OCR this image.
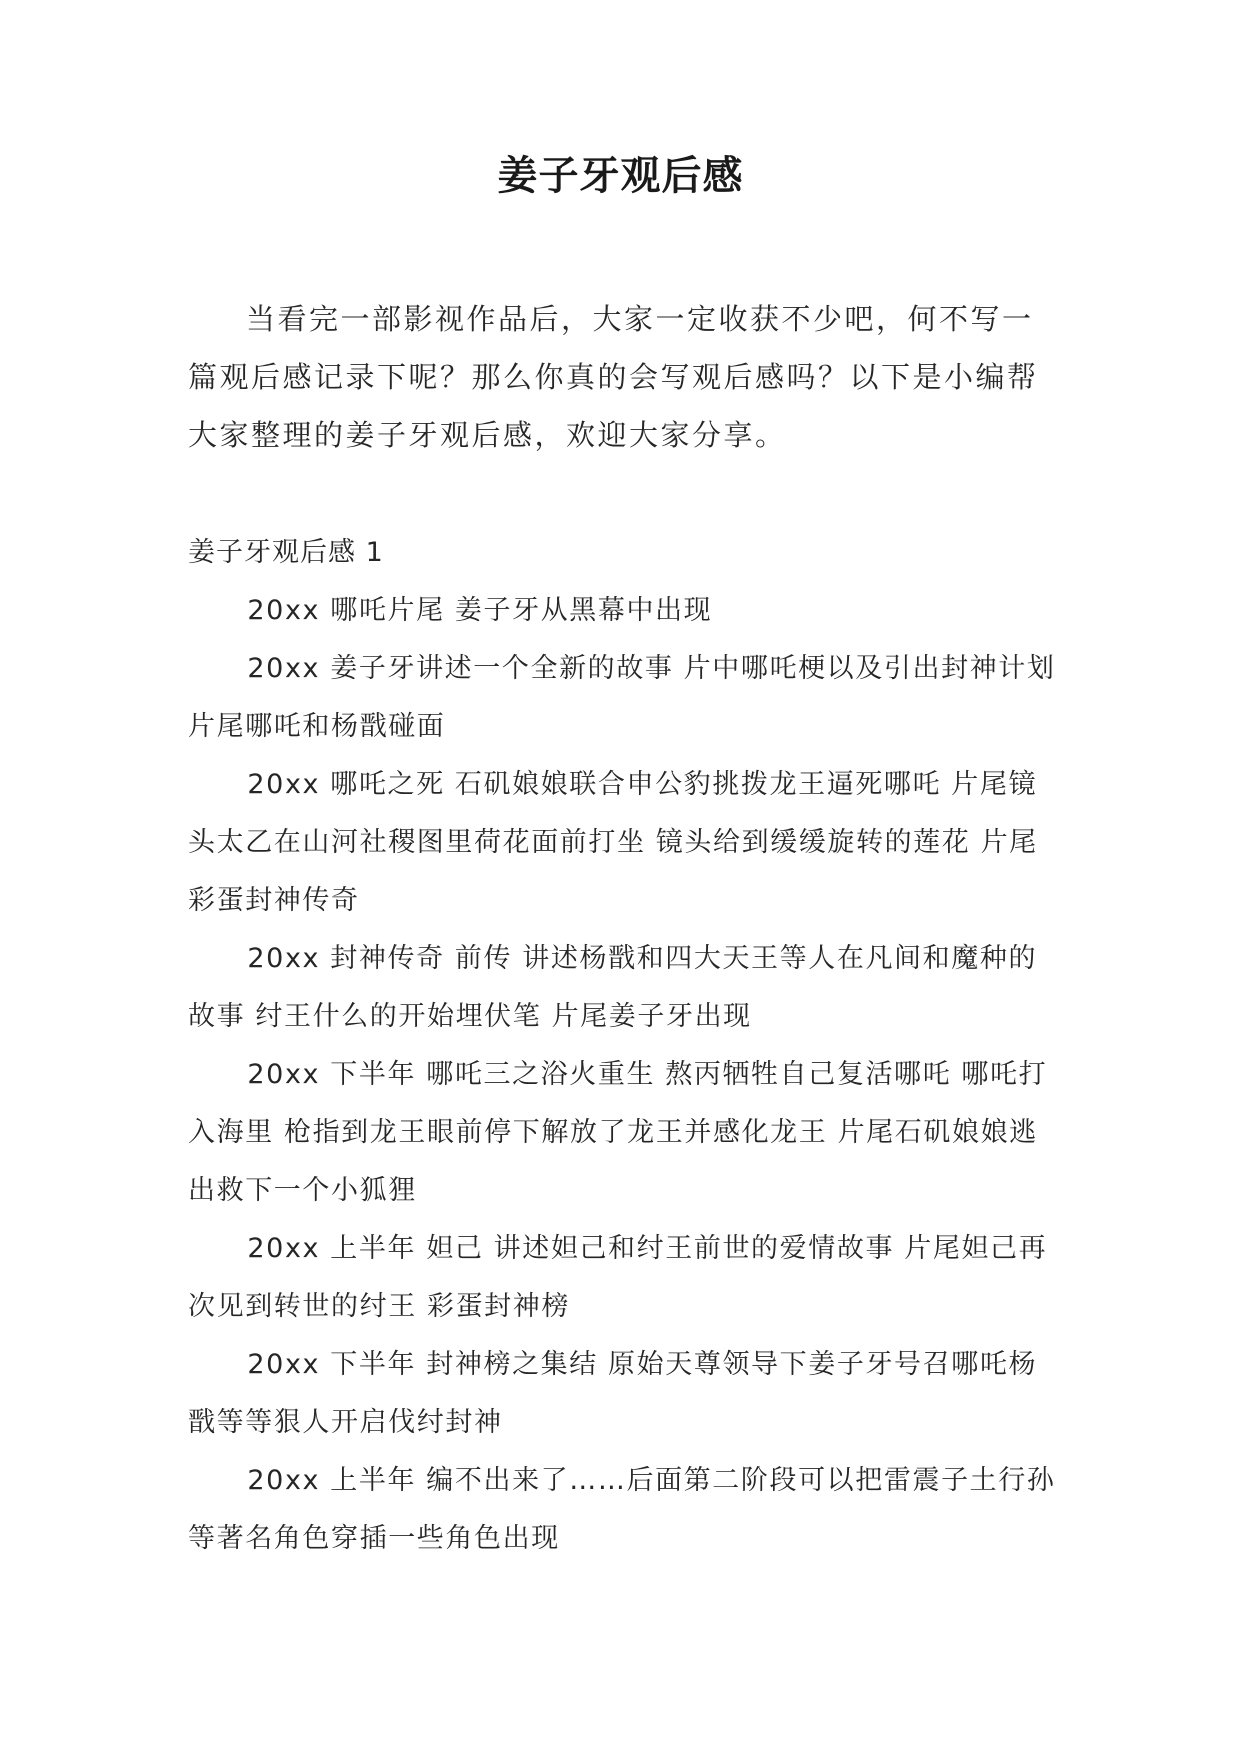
姜子牙观后感

当看完一部影视作品后，大家一定收获不少吧，何不写一篇观后感记录下呢？那么你真的会写观后感吗？以下是小编帮大家整理的姜子牙观后感，欢迎大家分享。

姜子牙观后感 1

20xx 哪吒片尾 姜子牙从黑幕中出现

20xx 姜子牙讲述一个全新的故事 片中哪吒梗以及引出封神计划 片尾哪吒和杨戬碰面

20xx 哪吒之死 石矶娘娘联合申公豹挑拨龙王逼死哪吒 片尾镜头太乙在山河社稷图里荷花面前打坐 镜头给到缓缓旋转的莲花 片尾彩蛋封神传奇

20xx 封神传奇 前传 讲述杨戬和四大天王等人在凡间和魔种的故事 纣王什么的开始埋伏笔 片尾姜子牙出现

20xx 下半年 哪吒三之浴火重生 熬丙牺牲自己复活哪吒 哪吒打入海里 枪指到龙王眼前停下解放了龙王并感化龙王 片尾石矶娘娘逃出救下一个小狐狸

20xx 上半年 妲己 讲述妲己和纣王前世的爱情故事 片尾妲己再次见到转世的纣王 彩蛋封神榜

20xx 下半年 封神榜之集结 原始天尊领导下姜子牙号召哪吒杨戬等等狠人开启伐纣封神

20xx 上半年 编不出来了……后面第二阶段可以把雷震子土行孙等著名角色穿插一些角色出现
